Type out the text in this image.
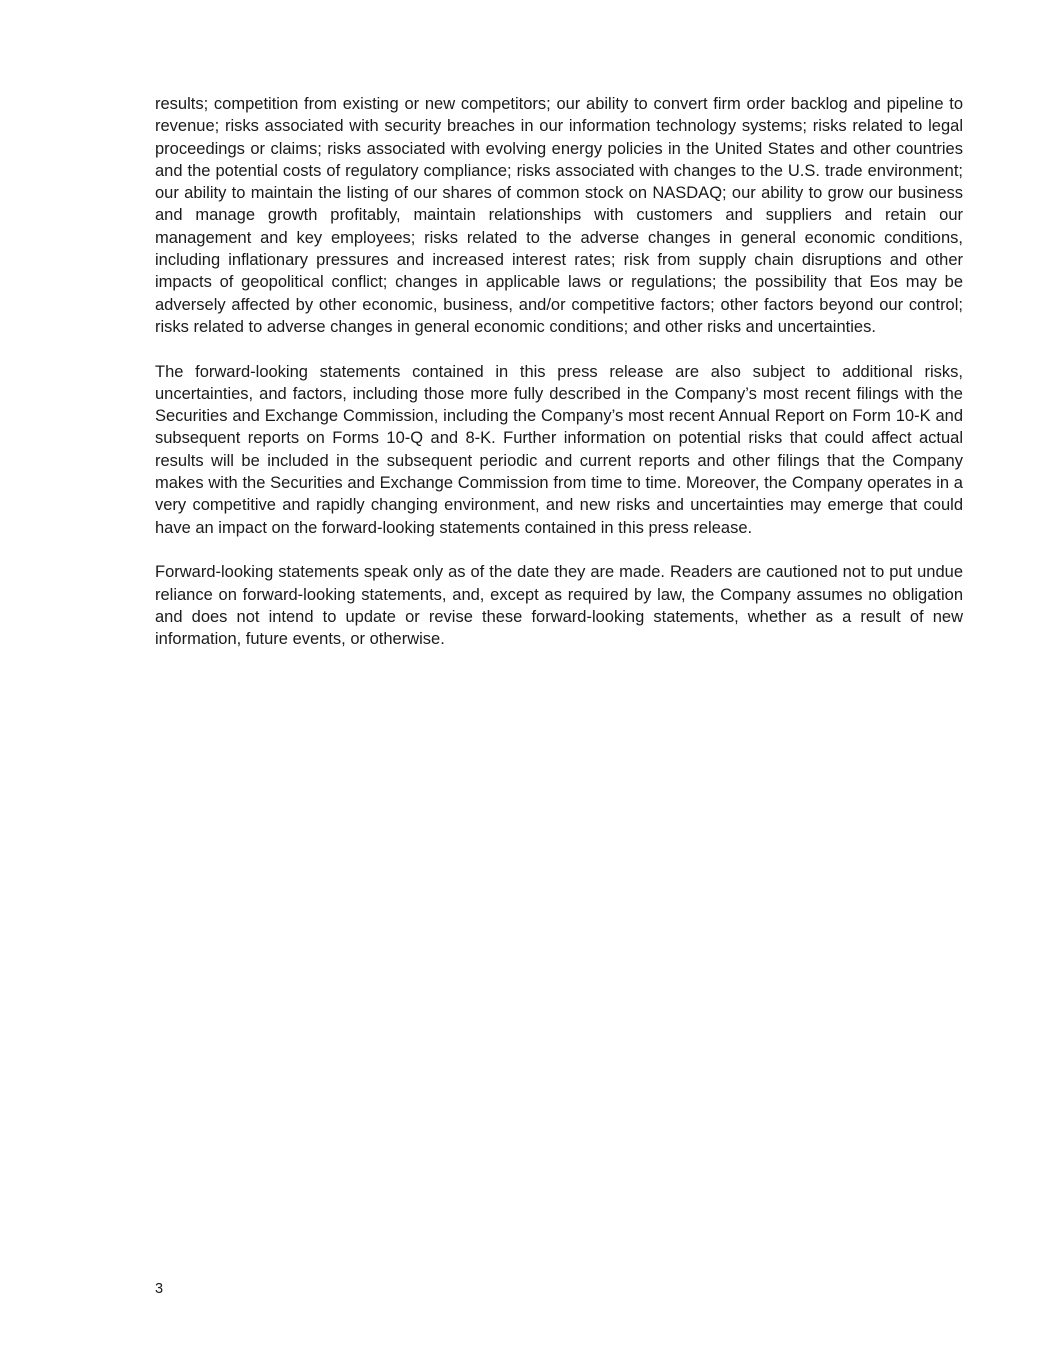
results; competition from existing or new competitors; our ability to convert firm order backlog and pipeline to revenue; risks associated with security breaches in our information technology systems; risks related to legal proceedings or claims; risks associated with evolving energy policies in the United States and other countries and the potential costs of regulatory compliance; risks associated with changes to the U.S. trade environment; our ability to maintain the listing of our shares of common stock on NASDAQ; our ability to grow our business and manage growth profitably, maintain relationships with customers and suppliers and retain our management and key employees; risks related to the adverse changes in general economic conditions, including inflationary pressures and increased interest rates; risk from supply chain disruptions and other impacts of geopolitical conflict; changes in applicable laws or regulations; the possibility that Eos may be adversely affected by other economic, business, and/or competitive factors; other factors beyond our control; risks related to adverse changes in general economic conditions; and other risks and uncertainties.

The forward-looking statements contained in this press release are also subject to additional risks, uncertainties, and factors, including those more fully described in the Company’s most recent filings with the Securities and Exchange Commission, including the Company’s most recent Annual Report on Form 10-K and subsequent reports on Forms 10-Q and 8-K. Further information on potential risks that could affect actual results will be included in the subsequent periodic and current reports and other filings that the Company makes with the Securities and Exchange Commission from time to time. Moreover, the Company operates in a very competitive and rapidly changing environment, and new risks and uncertainties may emerge that could have an impact on the forward-looking statements contained in this press release.

Forward-looking statements speak only as of the date they are made. Readers are cautioned not to put undue reliance on forward-looking statements, and, except as required by law, the Company assumes no obligation and does not intend to update or revise these forward-looking statements, whether as a result of new information, future events, or otherwise.

3
